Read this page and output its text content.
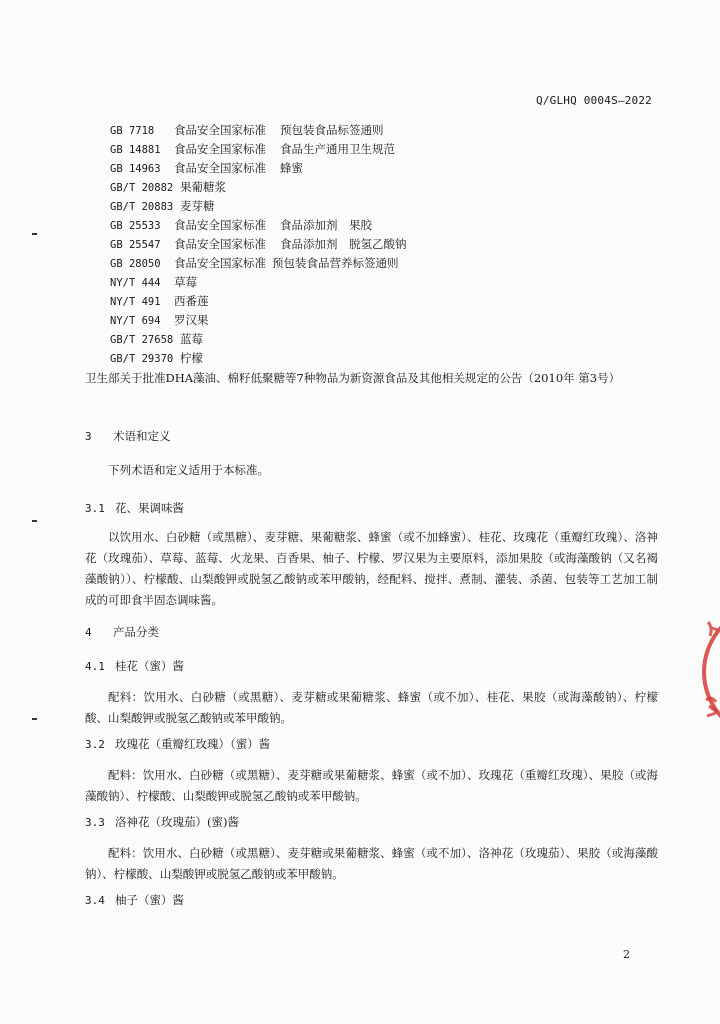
Q/GLHQ 0004S—2022
GB 7718 食品安全国家标准 预包装食品标签通则
GB 14881 食品安全国家标准 食品生产通用卫生规范
GB 14963 食品安全国家标准 蜂蜜
GB/T 20882 果葡糖浆
GB/T 20883 麦芽糖
GB 25533 食品安全国家标准 食品添加剂　果胶
GB 25547 食品安全国家标准 食品添加剂　脱氢乙酸钠
GB 28050 食品安全国家标准 预包装食品营养标签通则
NY/T 444 草莓
NY/T 491 西番莲
NY/T 694 罗汉果
GB/T 27658 蓝莓
GB/T 29370 柠檬
卫生部关于批准DHA藻油、棉籽低聚糖等7种物品为新资源食品及其他相关规定的公告（2010年 第3号）
3 术语和定义
下列术语和定义适用于本标准。
3.1 花、果调味酱
以饮用水、白砂糖（或黑糖）、麦芽糖、果葡糖浆、蜂蜜（或不加蜂蜜）、桂花、玫瑰花（重瓣红玫瑰）、洛神花（玫瑰茄）、草莓、蓝莓、火龙果、百香果、柚子、柠檬、罗汉果为主要原料，添加果胶（或海藻酸钠（又名褐藻酸钠））、柠檬酸、山梨酸钾或脱氢乙酸钠或苯甲酸钠，经配料、搅拌、煮制、灌装、杀菌、包装等工艺加工制成的可即食半固态调味酱。
4 产品分类
4.1 桂花（蜜）酱
配料：饮用水、白砂糖（或黑糖）、麦芽糖或果葡糖浆、蜂蜜（或不加）、桂花、果胶（或海藻酸钠）、柠檬酸、山梨酸钾或脱氢乙酸钠或苯甲酸钠。
3.2 玫瑰花（重瓣红玫瑰）（蜜）酱
配料：饮用水、白砂糖（或黑糖）、麦芽糖或果葡糖浆、蜂蜜（或不加）、玫瑰花（重瓣红玫瑰）、果胶（或海藻酸钠）、柠檬酸、山梨酸钾或脱氢乙酸钠或苯甲酸钠。
3.3 洛神花（玫瑰茄）(蜜)酱
配料：饮用水、白砂糖（或黑糖）、麦芽糖或果葡糖浆、蜂蜜（或不加）、洛神花（玫瑰茄）、果胶（或海藻酸钠）、柠檬酸、山梨酸钾或脱氢乙酸钠或苯甲酸钠。
3.4 柚子（蜜）酱
2
